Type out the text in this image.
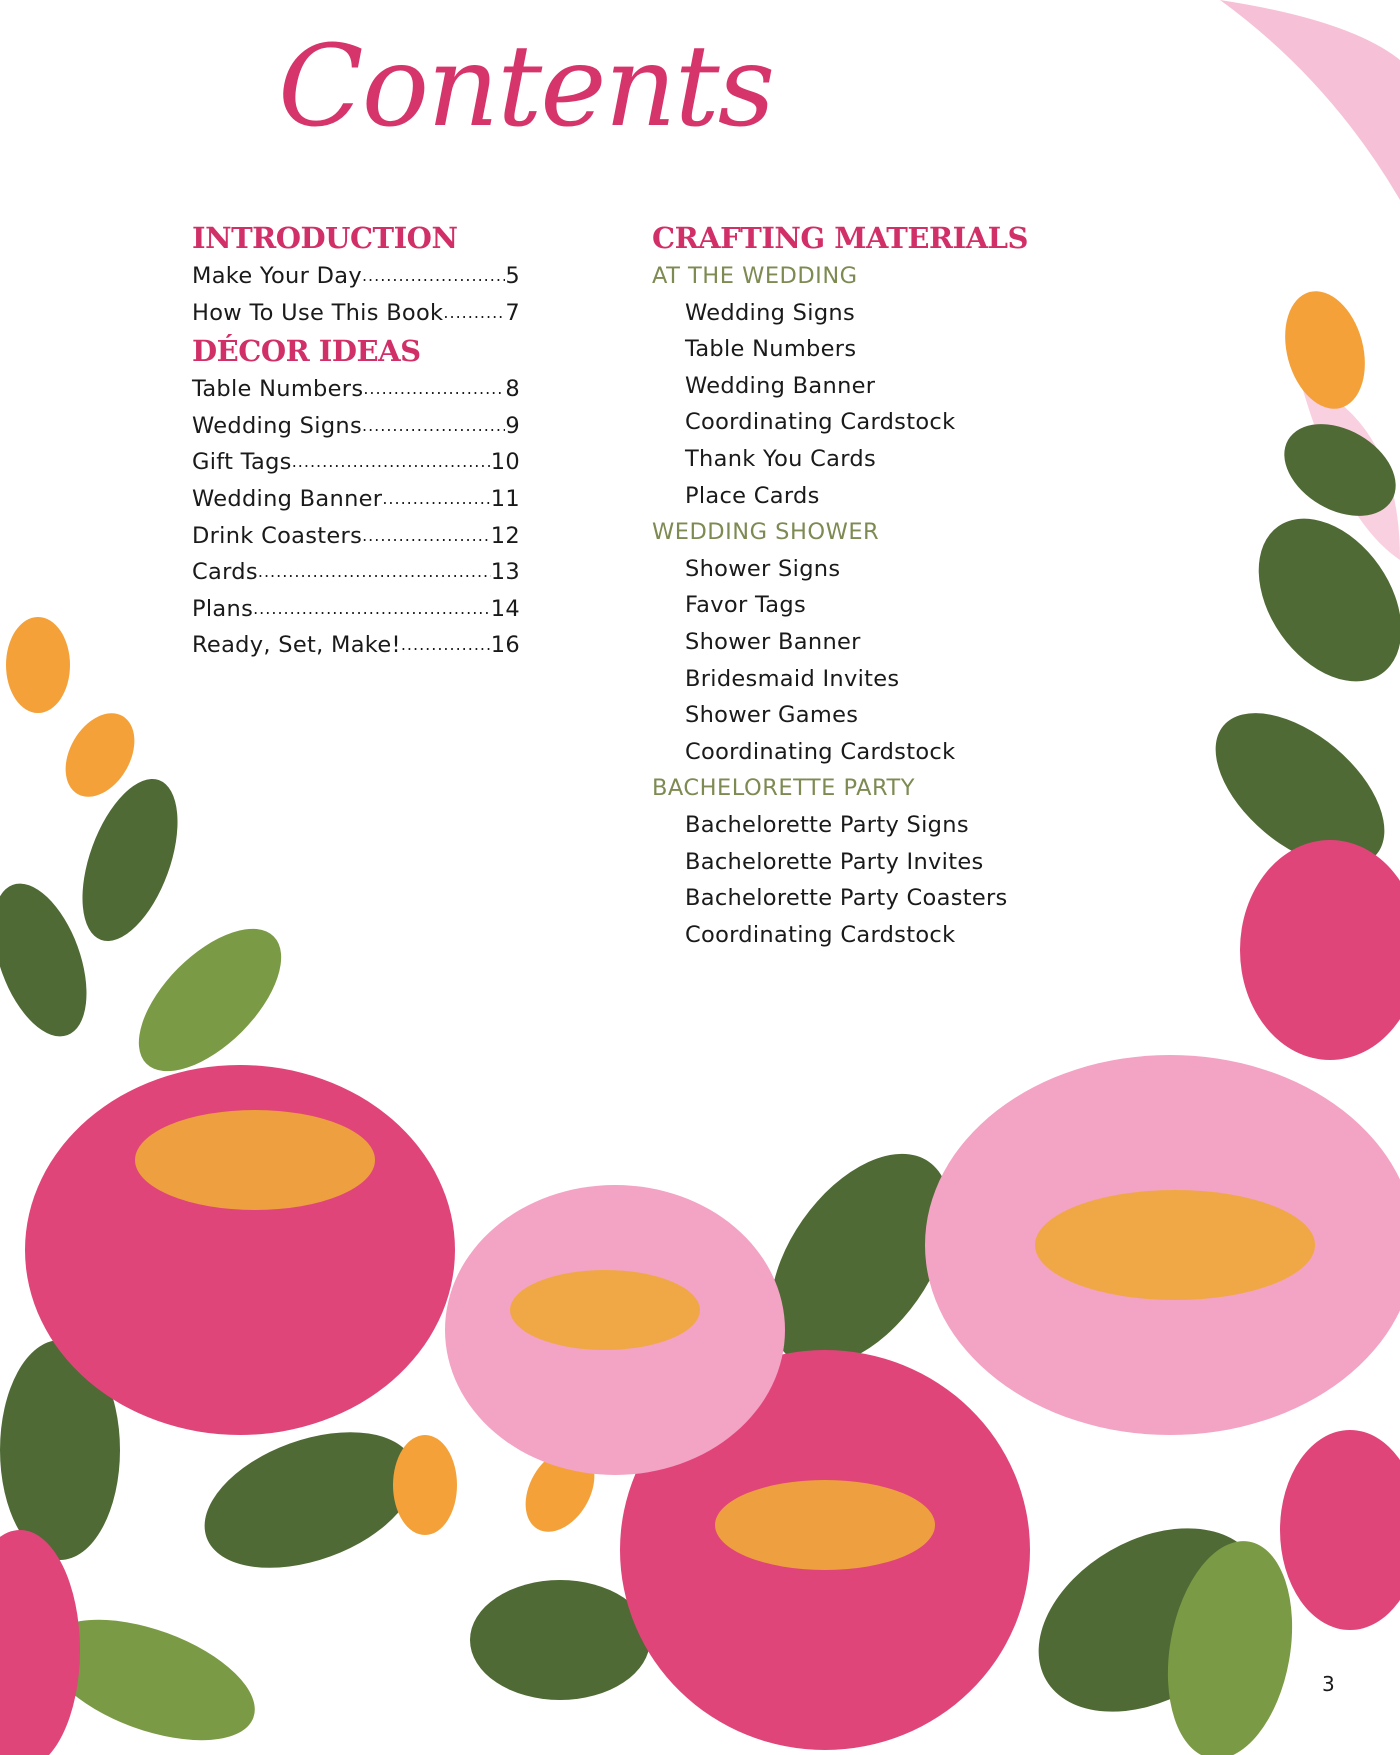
Contents
INTRODUCTION
Make Your Day .....	5
How To Use This Book .....	7
DÉCOR IDEAS
Table Numbers .....	8
Wedding Signs .....	9
Gift Tags .....	10
Wedding Banner .....	11
Drink Coasters .....	12
Cards .....	13
Plans .....	14
Ready, Set, Make! .....	16
CRAFTING MATERIALS
AT THE WEDDING
Wedding Signs
Table Numbers
Wedding Banner
Coordinating Cardstock
Thank You Cards
Place Cards
WEDDING SHOWER
Shower Signs
Favor Tags
Shower Banner
Bridesmaid Invites
Shower Games
Coordinating Cardstock
BACHELORETTE PARTY
Bachelorette Party Signs
Bachelorette Party Invites
Bachelorette Party Coasters
Coordinating Cardstock
3
